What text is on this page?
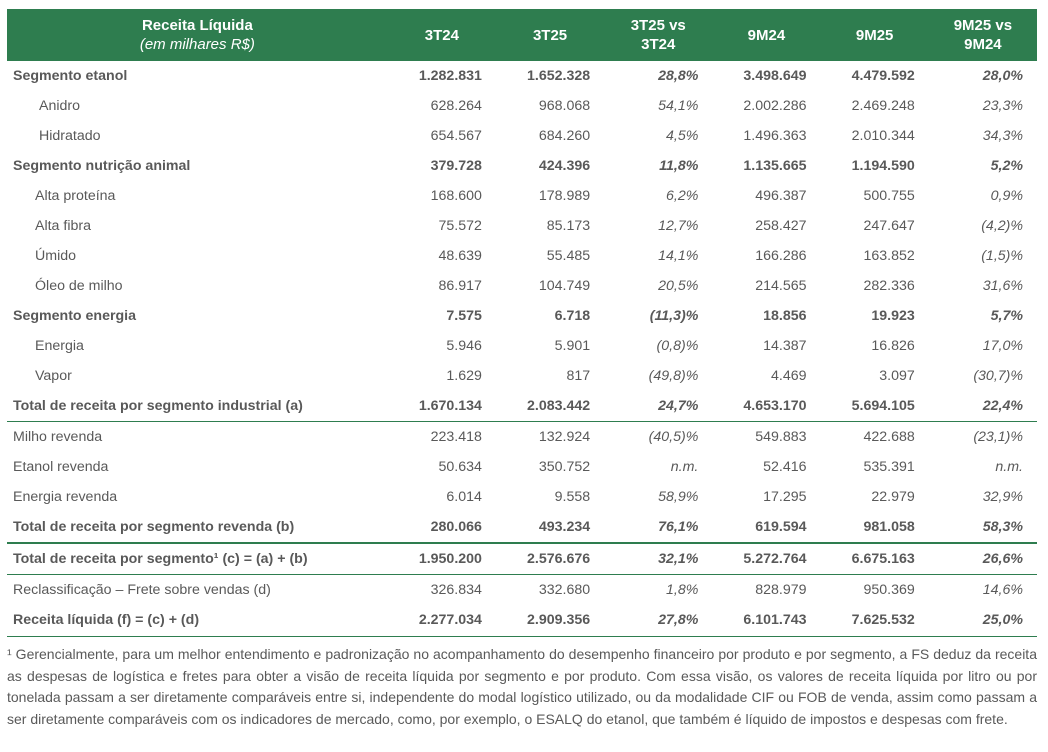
Receita Líquida
(em milhares R$)	3T24	3T25	3T25 vs 3T24	9M24	9M25	9M25 vs 9M24
Segmento etanol	1.282.831	1.652.328	28,8%	3.498.649	4.479.592	28,0%
Anidro	628.264	968.068	54,1%	2.002.286	2.469.248	23,3%
Hidratado	654.567	684.260	4,5%	1.496.363	2.010.344	34,3%
Segmento nutrição animal	379.728	424.396	11,8%	1.135.665	1.194.590	5,2%
Alta proteína	168.600	178.989	6,2%	496.387	500.755	0,9%
Alta fibra	75.572	85.173	12,7%	258.427	247.647	(4,2)%
Úmido	48.639	55.485	14,1%	166.286	163.852	(1,5)%
Óleo de milho	86.917	104.749	20,5%	214.565	282.336	31,6%
Segmento energia	7.575	6.718	(11,3)%	18.856	19.923	5,7%
Energia	5.946	5.901	(0,8)%	14.387	16.826	17,0%
Vapor	1.629	817	(49,8)%	4.469	3.097	(30,7)%
Total de receita por segmento industrial (a)	1.670.134	2.083.442	24,7%	4.653.170	5.694.105	22,4%
Milho revenda	223.418	132.924	(40,5)%	549.883	422.688	(23,1)%
Etanol revenda	50.634	350.752	n.m.	52.416	535.391	n.m.
Energia revenda	6.014	9.558	58,9%	17.295	22.979	32,9%
Total de receita por segmento revenda (b)	280.066	493.234	76,1%	619.594	981.058	58,3%
Total de receita por segmento¹ (c) = (a) + (b)	1.950.200	2.576.676	32,1%	5.272.764	6.675.163	26,6%
Reclassificação – Frete sobre vendas (d)	326.834	332.680	1,8%	828.979	950.369	14,6%
Receita líquida (f) = (c) + (d)	2.277.034	2.909.356	27,8%	6.101.743	7.625.532	25,0%
¹ Gerencialmente, para um melhor entendimento e padronização no acompanhamento do desempenho financeiro por produto e por segmento, a FS deduz da receita as despesas de logística e fretes para obter a visão de receita líquida por segmento e por produto. Com essa visão, os valores de receita líquida por litro ou por tonelada passam a ser diretamente comparáveis entre si, independente do modal logístico utilizado, ou da modalidade CIF ou FOB de venda, assim como passam a ser diretamente comparáveis com os indicadores de mercado, como, por exemplo, o ESALQ do etanol, que também é líquido de impostos e despesas com frete.
